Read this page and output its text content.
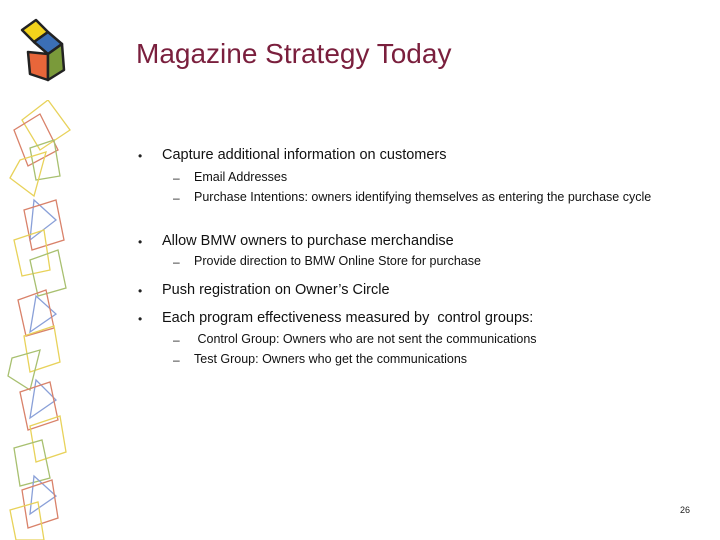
Magazine Strategy Today
• Capture additional information on customers
– Email Addresses
– Purchase Intentions: owners identifying themselves as entering the purchase cycle
• Allow BMW owners to purchase merchandise
– Provide direction to BMW Online Store for purchase
• Push registration on Owner’s Circle
• Each program effectiveness measured by  control groups:
– Control Group: Owners who are not sent the communications
– Test Group: Owners who get the communications
26
